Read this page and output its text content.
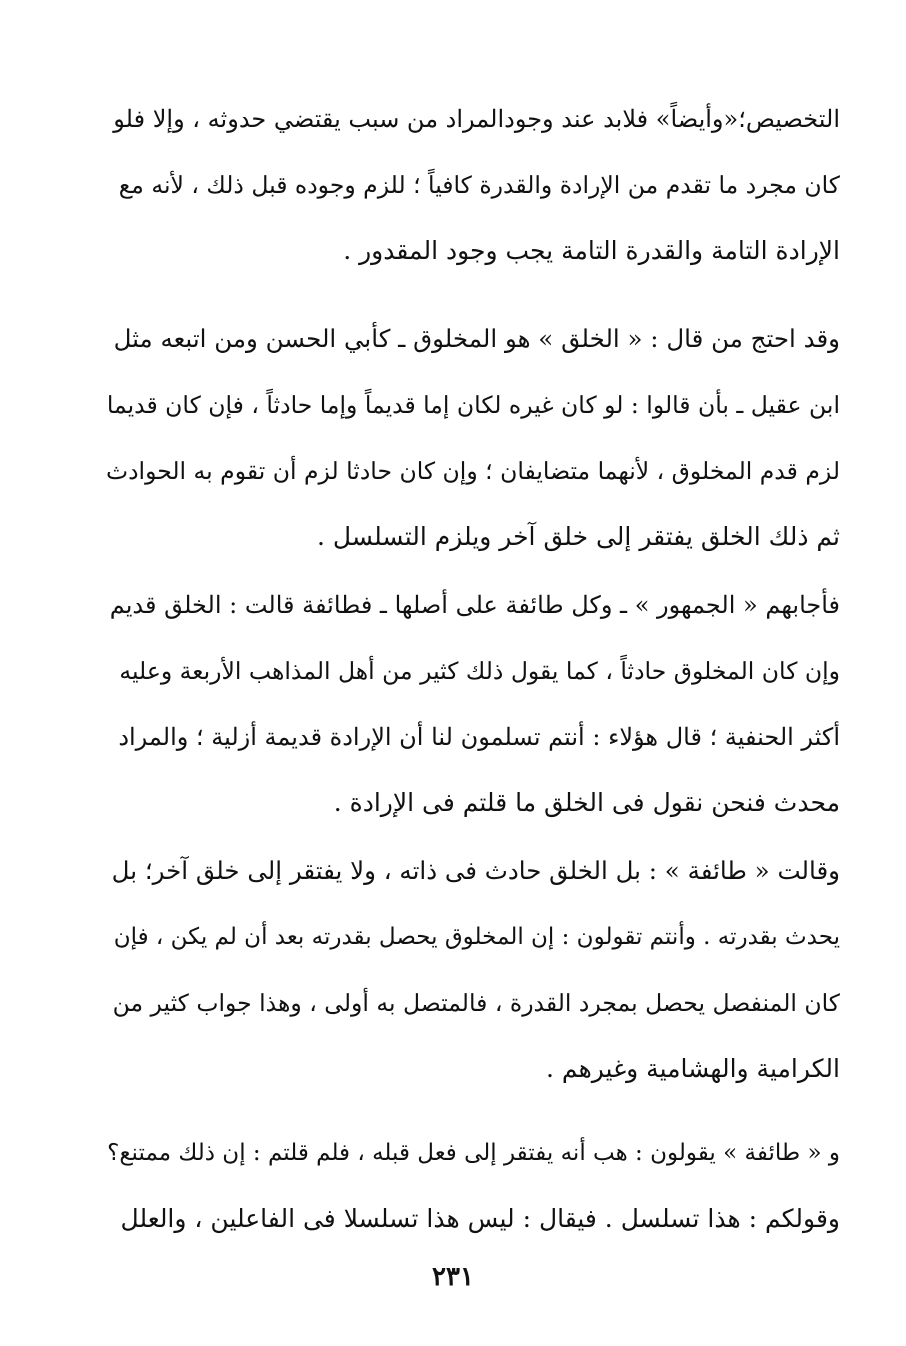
التخصيص؛«وأيضاً» فلابد عند وجودالمراد من سبب يقتضي حدوثه ، وإلا فلو
كان مجرد ما تقدم من الإرادة والقدرة كافياً ؛ للزم وجوده قبل ذلك ، لأنه مع
الإرادة التامة والقدرة التامة يجب وجود المقدور .
وقد احتج من قال : « الخلق » هو المخلوق ـ كأبي الحسن ومن اتبعه مثل
ابن عقيل ـ بأن قالوا : لو كان غيره لكان إما قديماً وإما حادثاً ، فإن كان قديما
لزم قدم المخلوق ، لأنهما متضايفان ؛ وإن كان حادثا لزم أن تقوم به الحوادث
ثم ذلك الخلق يفتقر إلى خلق آخر ويلزم التسلسل .
فأجابهم « الجمهور » ـ وكل طائفة على أصلها ـ فطائفة قالت : الخلق قديم
وإن كان المخلوق حادثاً ، كما يقول ذلك كثير من أهل المذاهب الأربعة وعليه
أكثر الحنفية ؛ قال هؤلاء : أنتم تسلمون لنا أن الإرادة قديمة أزلية ؛ والمراد
محدث فنحن نقول فى الخلق ما قلتم فى الإرادة .
وقالت « طائفة » : بل الخلق حادث فى ذاته ، ولا يفتقر إلى خلق آخر؛ بل
يحدث بقدرته . وأنتم تقولون : إن المخلوق يحصل بقدرته بعد أن لم يكن ، فإن
كان المنفصل يحصل بمجرد القدرة ، فالمتصل به أولى ، وهذا جواب كثير من
الكرامية والهشامية وغيرهم .
و « طائفة » يقولون : هب أنه يفتقر إلى فعل قبله ، فلم قلتم : إن ذلك ممتنع؟
وقولكم : هذا تسلسل . فيقال : ليس هذا تسلسلا فى الفاعلين ، والعلل
٢٣١
